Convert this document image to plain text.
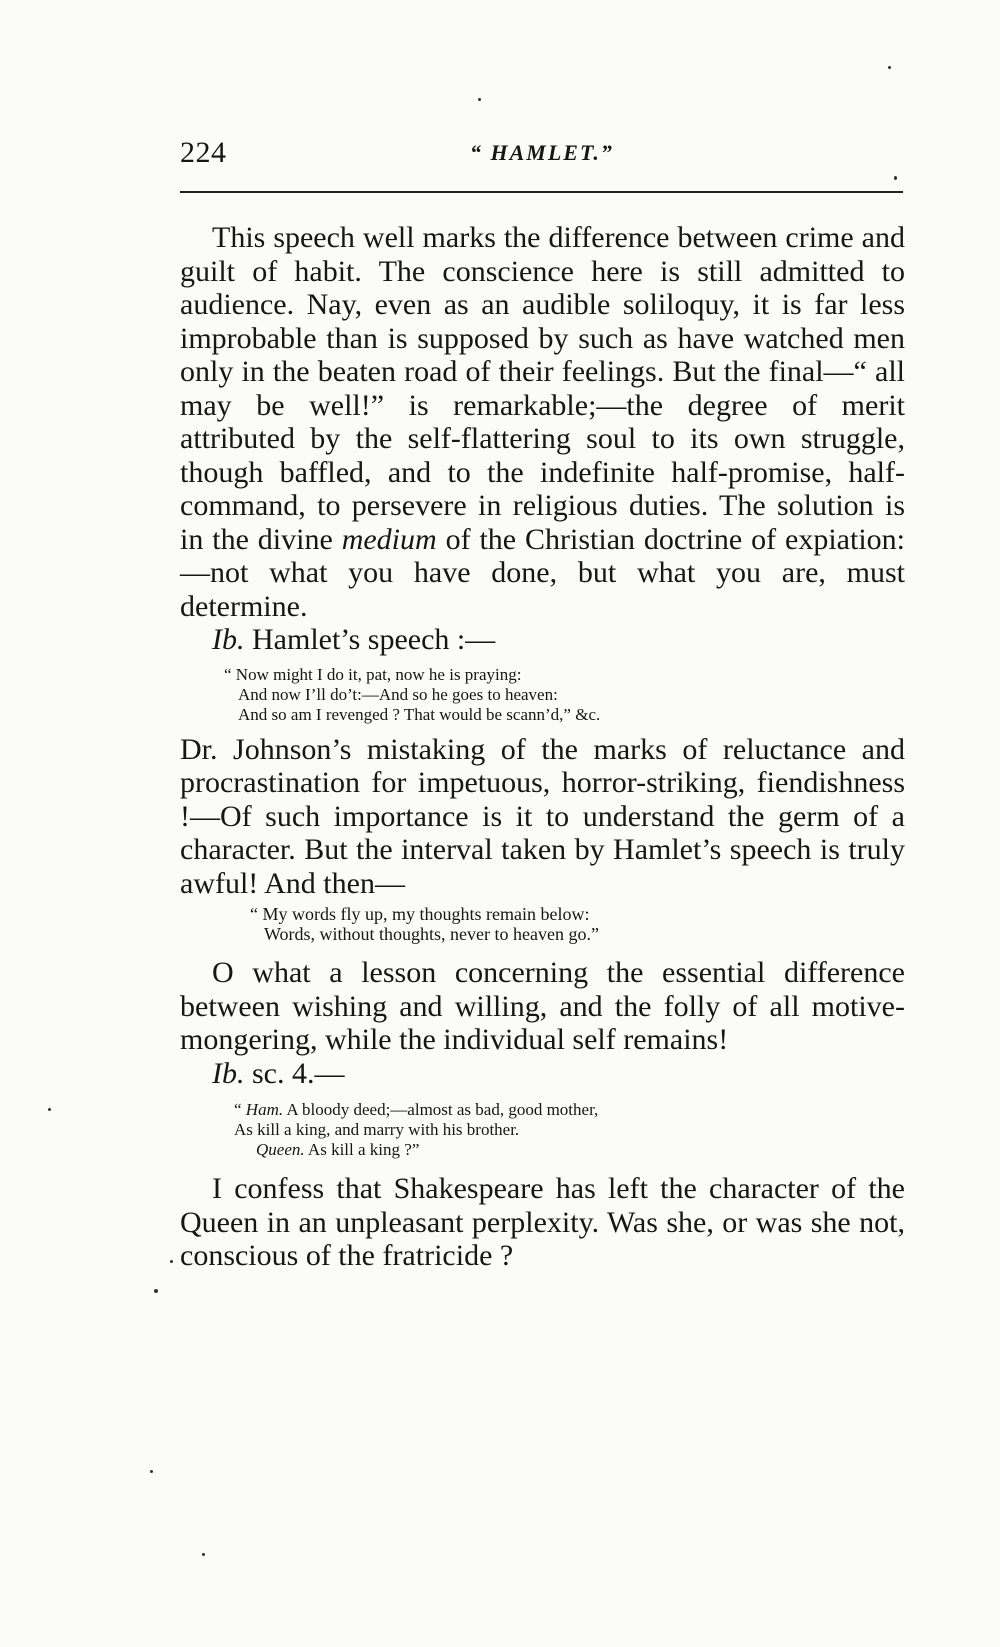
224	“ HAMLET.”

This speech well marks the difference between crime and guilt of habit. The conscience here is still admitted to audience. Nay, even as an audible soliloquy, it is far less improbable than is supposed by such as have watched men only in the beaten road of their feelings. But the final—“ all may be well!” is remarkable;—the degree of merit attributed by the self-flattering soul to its own struggle, though baffled, and to the indefinite half-promise, half-command, to persevere in religious duties. The solution is in the divine medium of the Christian doctrine of expiation:—not what you have done, but what you are, must determine.

Ib. Hamlet’s speech :—

“ Now might I do it, pat, now he is praying:
And now I’ll do’t:—And so he goes to heaven:
And so am I revenged ? That would be scann’d,” &c.

Dr. Johnson’s mistaking of the marks of reluctance and procrastination for impetuous, horror-striking, fiendishness !—Of such importance is it to understand the germ of a character. But the interval taken by Hamlet’s speech is truly awful! And then—

“ My words fly up, my thoughts remain below:
Words, without thoughts, never to heaven go.”

O what a lesson concerning the essential difference between wishing and willing, and the folly of all motive-mongering, while the individual self remains!

Ib. sc. 4.—

“ Ham. A bloody deed;—almost as bad, good mother,
As kill a king, and marry with his brother.
Queen. As kill a king ?”

I confess that Shakespeare has left the character of the Queen in an unpleasant perplexity. Was she, or was she not, conscious of the fratricide ?
